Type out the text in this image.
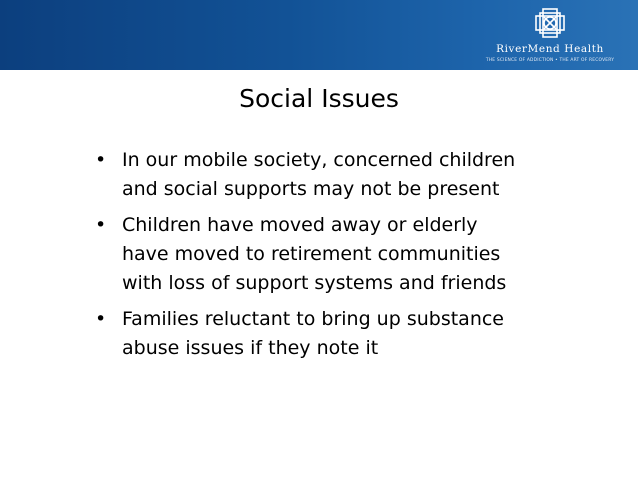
RiverMend Health
THE SCIENCE OF ADDICTION • THE ART OF RECOVERY
Social Issues
• In our mobile society, concerned children
and social supports may not be present
• Children have moved away or elderly
have moved to retirement communities
with loss of support systems and friends
• Families reluctant to bring up substance
abuse issues if they note it
